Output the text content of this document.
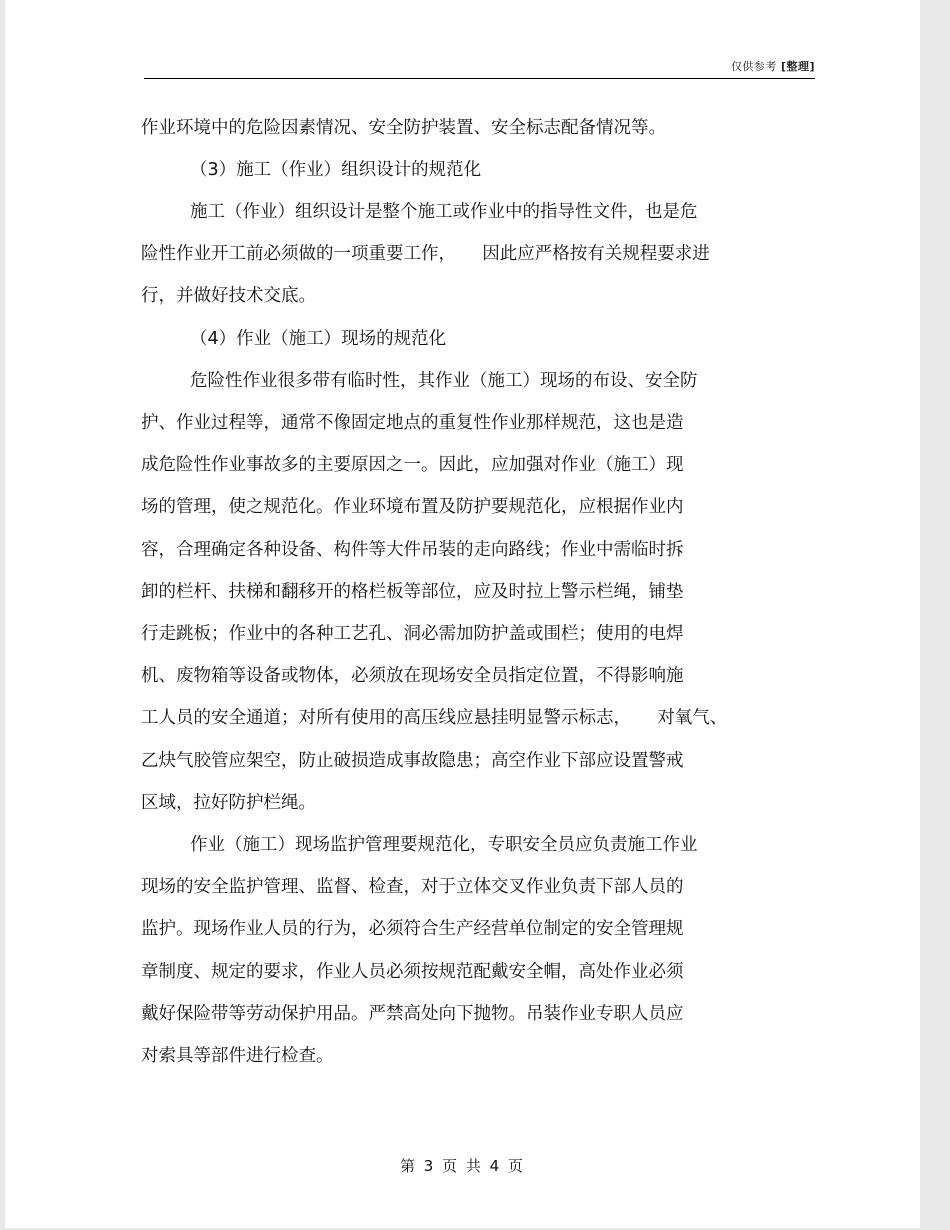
仅供参考 [整理]
作业环境中的危险因素情况、安全防护装置、安全标志配备情况等。
（3）施工（作业）组织设计的规范化
施工（作业）组织设计是整个施工或作业中的指导性文件，也是危
险性作业开工前必须做的一项重要工作，　　因此应严格按有关规程要求进
行，并做好技术交底。
（4）作业（施工）现场的规范化
危险性作业很多带有临时性，其作业（施工）现场的布设、安全防
护、作业过程等，通常不像固定地点的重复性作业那样规范，这也是造
成危险性作业事故多的主要原因之一。因此，应加强对作业（施工）现
场的管理，使之规范化。作业环境布置及防护要规范化，应根据作业内
容，合理确定各种设备、构件等大件吊装的走向路线；作业中需临时拆
卸的栏杆、扶梯和翻移开的格栏板等部位，应及时拉上警示栏绳，铺垫
行走跳板；作业中的各种工艺孔、洞必需加防护盖或围栏；使用的电焊
机、废物箱等设备或物体，必须放在现场安全员指定位置，不得影响施
工人员的安全通道；对所有使用的高压线应悬挂明显警示标志，　　对氧气、
乙炔气胶管应架空，防止破损造成事故隐患；高空作业下部应设置警戒
区域，拉好防护栏绳。
作业（施工）现场监护管理要规范化，专职安全员应负责施工作业
现场的安全监护管理、监督、检查，对于立体交叉作业负责下部人员的
监护。现场作业人员的行为，必须符合生产经营单位制定的安全管理规
章制度、规定的要求，作业人员必须按规范配戴安全帽，高处作业必须
戴好保险带等劳动保护用品。严禁高处向下抛物。吊装作业专职人员应
对索具等部件进行检查。
第 3 页 共 4 页
